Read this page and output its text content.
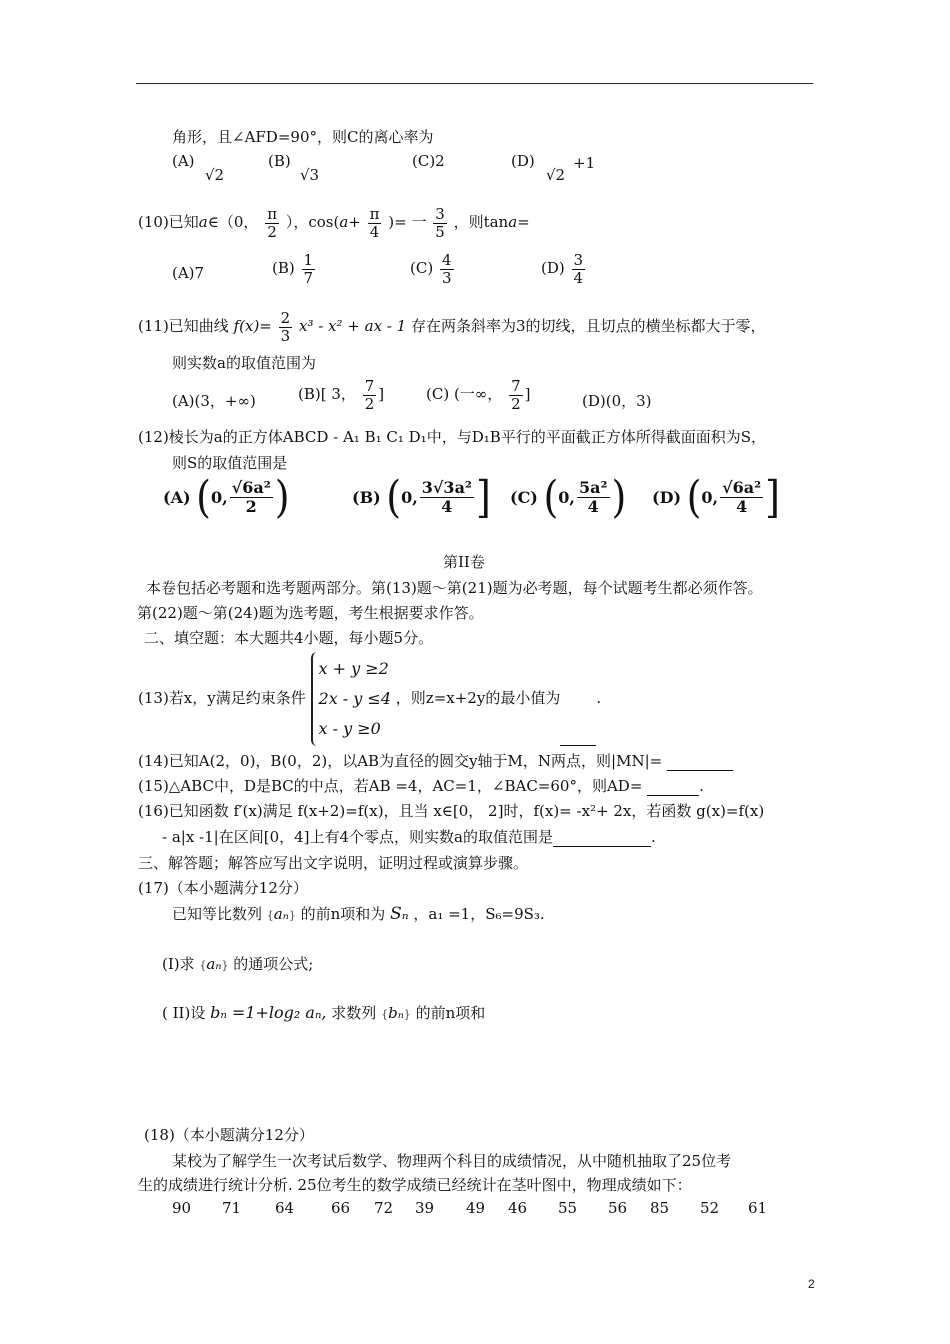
角形，且∠AFD=90°，则C的离心率为
(A)
√2
(B)
√3
(C)2	(D)
√2
+1
(10)已知a∈（0， $\frac{\pi}{2}$ ），$\cos(a+ \frac{\pi}{4}$ )= 一 $\frac{3}{5}$ ，则tana=
(A)7	$(B) \frac{1}{7}$	$(C) \frac{4}{3}$	$(D) \frac{3}{4}$
(11)已知曲线 $f(x)= \frac{2}{3} x^3 - x^2$ + ax - 1 存在两条斜率为3的切线，且切点的横坐标都大于零，
则实数a的取值范围为
(A)(3，+∞)	(B)[ 3， $\frac{7}{2}$ ]	(C) (一∞， $\frac{7}{2}$ ]	(D)(0，3)
(12)棱长为a的正方体ABCD - A₁ B₁ C₁ D₁中，与D₁B平行的平面截正方体所得截面面积为S，
则S的取值范围是
(A)
( 0, $\frac{\text{√6a²}}{2}$ )	(B)
( 0, $\frac{\text{3√3a²}}{4}$ ] (C)
( 0, $\frac{\text{5a²}}{4}$ ) (D)
( 0, $\frac{\text{√6a²}}{4}$ ]
第II卷
本卷包括必考题和选考题两部分。第(13)题～第(21)题为必考题，每个试题考生都必须作答。
第(22)题～第(24)题为选考题，考生根据要求作答。
二、填空题：本大题共4小题，每小题5分。
(13)若x，y满足约束条件
x + y ≥2
2x - y ≤4
x - y ≥0
，则z=x+2y的最小值为 .
(14)已知A(2，0)，B(0，2)，以AB为直径的圆交y轴于M，N两点，则|MN|=
(15)△ABC中，D是BC的中点，若AB =4，AC=1，∠BAC=60°，则AD=	.
(16)已知函数 f′(x)满足 f(x+2)=f(x)，且当 x∈[0， 2]时，f(x)= -x²+ 2x，若函数 g(x)=f(x)
- a|x -1|在区间[0，4]上有4个零点，则实数a的取值范围是	.
三、解答题；解答应写出文字说明，证明过程或演算步骤。
(17)（本小题满分12分）
已知等比数列 {aₙ} 的前n项和为 Sₙ ，a₁ =1，S₆=9S₃.
(I)求 {aₙ} 的通项公式;
( II)设 bₙ =1+log₂ aₙ, 求数列 {bₙ} 的前n项和
(18)（本小题满分12分）
某校为了解学生一次考试后数学、物理两个科目的成绩情况，从中随机抽取了25位考
生的成绩进行统计分析. 25位考生的数学成绩已经统计在茎叶图中，物理成绩如下：
90 71 64 66 72 39 49 46 55 56 85 52 61
2
